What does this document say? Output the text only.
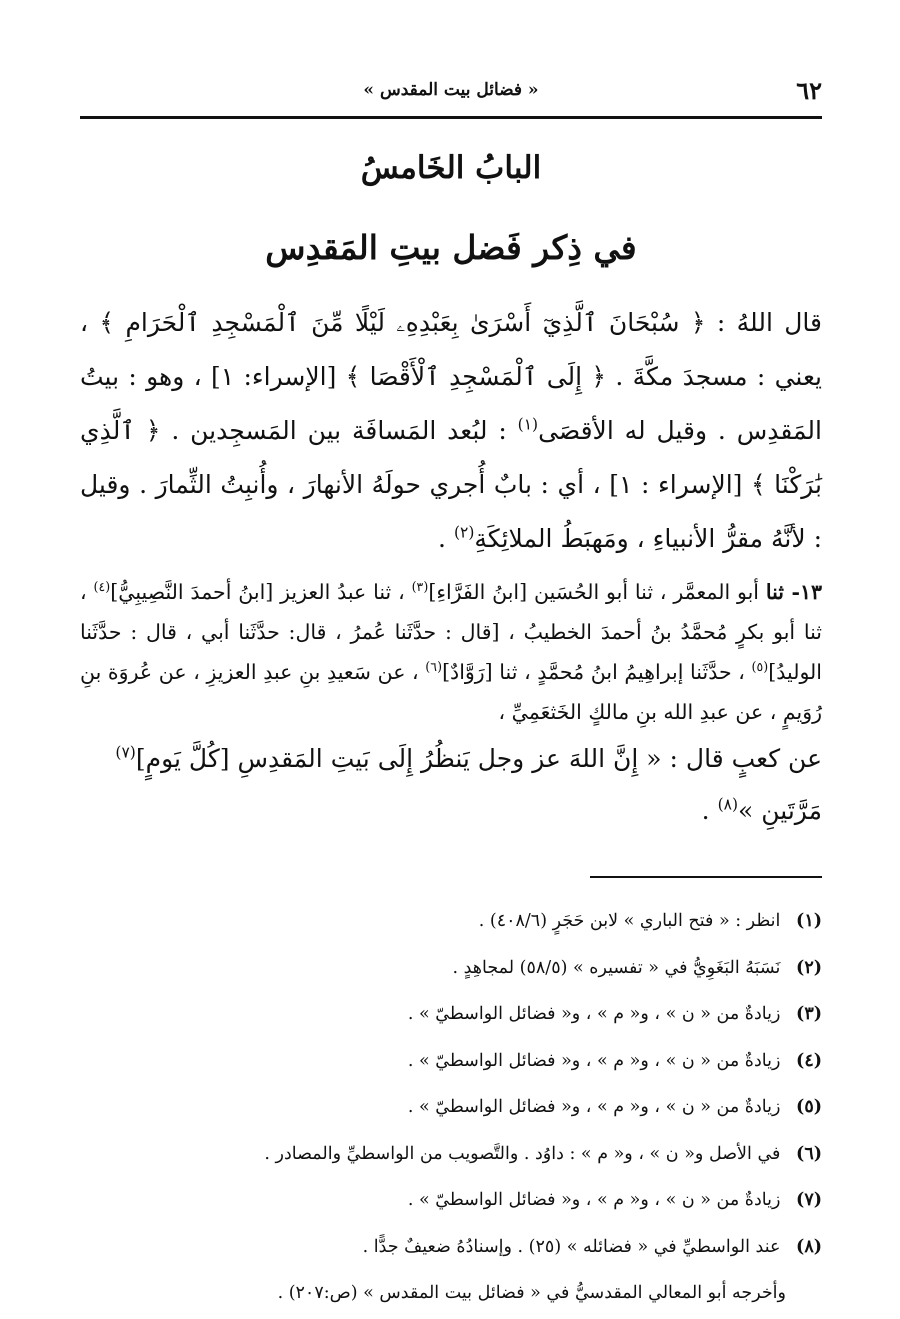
٦٢
« فضائل بيت المقدس »
البابُ الخَامسُ
في ذِكر فَضل بيتِ المَقدِس
قال اللهُ : ﴿ سُبْحَانَ ٱلَّذِيٓ أَسْرَىٰ بِعَبْدِهِۦ لَيْلًا مِّنَ ٱلْمَسْجِدِ ٱلْحَرَامِ ﴾ ، يعني : مسجدَ مكَّةَ . ﴿ إِلَى ٱلْمَسْجِدِ ٱلْأَقْصَا ﴾ [الإسراء: ١] ، وهو : بيتُ المَقدِس . وقيل له الأقصَى$^{(١)}$ : لبُعد المَسافَة بين المَسجِدين . ﴿ ٱلَّذِي بَٰرَكْنَا ﴾ [الإسراء : ١] ، أي : بابٌ أُجري حولَهُ الأنهارَ ، وأُنبِتُ الثِّمارَ . وقيل : لأنَّهُ مقرُّ الأنبياءِ ، ومَهبَطُ الملائِكَةِ$^{(٢)}$ .
١٣- ثنا أبو المعمَّر ، ثنا أبو الحُسَين [ابنُ الفَرَّاءِ]$^{(٣)}$ ، ثنا عبدُ العزيز [ابنُ أحمدَ النَّصِيبِيُّ]$^{(٤)}$ ، ثنا أبو بكرٍ مُحمَّدُ بنُ أحمدَ الخطيبُ ، [قال : حدَّثَنا عُمرُ ، قال: حدَّثَنا أبي ، قال : حدَّثَنا الوليدُ]$^{(٥)}$ ، حدَّثَنا إبراهِيمُ ابنُ مُحمَّدٍ ، ثنا [رَوَّادٌ]$^{(٦)}$ ، عن سَعيدِ بنِ عبدِ العزيزِ ، عن عُروَة بنِ رُوَيمٍ ، عن عبدِ الله بنِ مالكٍ الخَثعَمِيِّ ،
عن كعبٍ قال : « إِنَّ اللهَ عز وجل يَنظُرُ إِلَى بَيتِ المَقدِسِ [كُلَّ يَومٍ]$^{(٧)}$
مَرَّتَينِ »$^{(٨)}$ .
(١) انظر : « فتح الباري » لابن حَجَرٍ (٤٠٨/٦) .
(٢) نَسَبَهُ البَغَوِيُّ في « تفسيره » (٥٨/٥) لمجاهِدٍ .
(٣) زيادةٌ من « ن » ، و« م » ، و« فضائل الواسطيّ » .
(٤) زيادةٌ من « ن » ، و« م » ، و« فضائل الواسطيّ » .
(٥) زيادةٌ من « ن » ، و« م » ، و« فضائل الواسطيّ » .
(٦) في الأصل و« ن » ، و« م » : داوُد . والتَّصويب من الواسطيِّ والمصادر .
(٧) زيادةٌ من « ن » ، و« م » ، و« فضائل الواسطيّ » .
(٨) عند الواسطيِّ في « فضائله » (٢٥) . وإسنادُهُ ضعيفٌ جدًّا .
وأخرجه أبو المعالي المقدسيُّ في « فضائل بيت المقدس » (ص:٢٠٧) .
